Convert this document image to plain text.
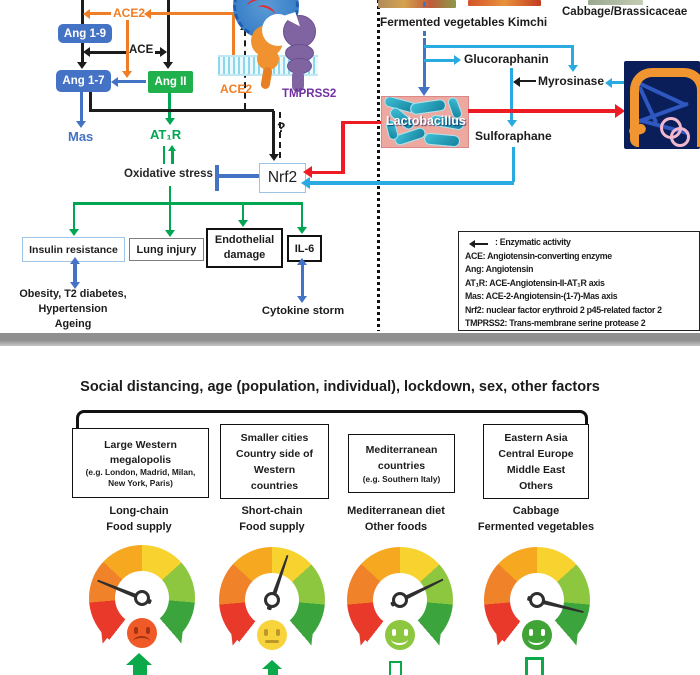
ACE
ACE2
Ang 1-9
Ang 1-7	Ang II
Mas	AT₁R	?
ACE2	TMPRSS2
Oxidative stress	Nrf2
Insulin resistance Lung injury
Endothelial
damage
IL-6
Obesity, T2 diabetes,
Hypertension
Ageing
Cytokine storm
Fermented vegetables Kimchi
Cabbage/Brassicaceae
Glucoraphanin
Myrosinase
Lactobacillus
Sulforaphane
: Enzymatic activity
ACE: Angiotensin-converting enzyme
Ang: Angiotensin
AT₁R: ACE-Angiotensin-II-AT₁R axis
Mas: ACE-2-Angiotensin-(1-7)-Mas axis
Nrf2: nuclear factor erythroid 2 p45-related factor 2
TMPRSS2: Trans-membrane serine protease 2
Social distancing, age (population, individual), lockdown, sex, other factors
Large Western
megalopolis
(e.g. London, Madrid, Milan,
New York, Paris)
Smaller cities
Country side of
Western
countries
Mediterranean
countries
(e.g. Southern Italy)
Eastern Asia
Central Europe
Middle East
Others
Long-chain
Food supply
Short-chain
Food supply
Mediterranean diet
Other foods
Cabbage
Fermented vegetables
